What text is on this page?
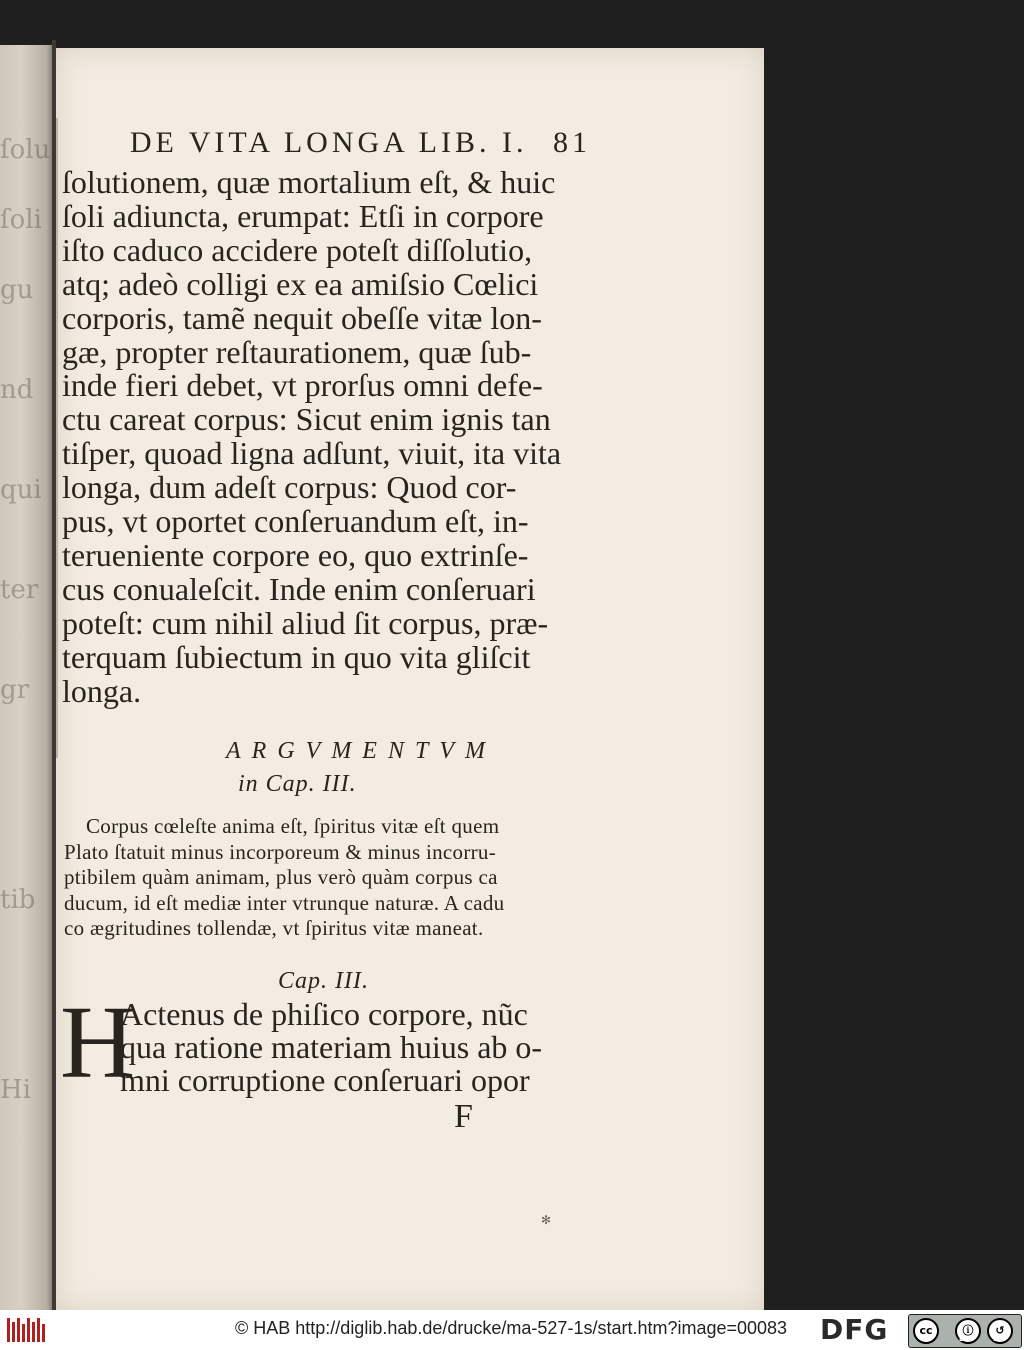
ſolu
ſoli
gu
nd
qui
ter
gr
tib
Hi
DE VITA LONGA LIB. I. 81
ſolutionem, quæ mortalium eſt, & huic
ſoli adiuncta, erumpat: Etſi in corpore
iſto caduco accidere poteſt diſſolutio,
atq; adeò colligi ex ea amiſsio Cœlici
corporis, tamẽ nequit obeſſe vitæ lon-
gæ, propter reſtaurationem, quæ ſub-
inde fieri debet, vt prorſus omni defe-
ctu careat corpus: Sicut enim ignis tan
tiſper, quoad ligna adſunt, viuit, ita vita
longa, dum adeſt corpus: Quod cor-
pus, vt oportet conſeruandum eſt, in-
terueniente corpore eo, quo extrinſe-
cus conualeſcit. Inde enim conſeruari
poteſt: cum nihil aliud ſit corpus, præ-
terquam ſubiectum in quo vita gliſcit
longa.
ARGVMENTVM
in Cap. III.
Corpus cœleſte anima eſt, ſpiritus vitæ eſt quem
Plato ſtatuit minus incorporeum & minus incorru-
ptibilem quàm animam, plus verò quàm corpus ca
ducum, id eſt mediæ inter vtrunque naturæ. A cadu
co ægritudines tollendæ, vt ſpiritus vitæ maneat.
Cap. III.
H
Actenus de phiſico corpore, nũc
qua ratione materiam huius ab o-
mni corruptione conſeruari opor
F
✻
© HAB http://diglib.hab.de/drucke/ma-527-1s/start.htm?image=00083 DFG	cc	ⓘ	↺
BY	SA
